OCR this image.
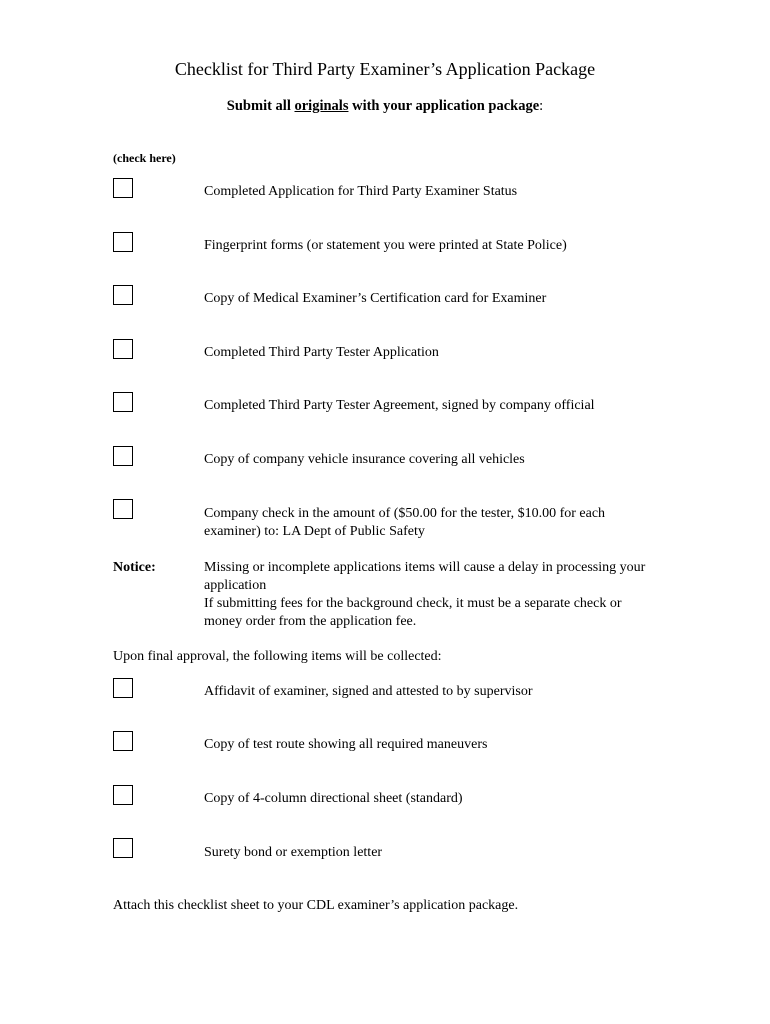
Checklist for Third Party Examiner’s Application Package
Submit all originals with your application package:
(check here)
Completed Application for Third Party Examiner Status
Fingerprint forms (or statement you were printed at State Police)
Copy of Medical Examiner’s Certification card for Examiner
Completed Third Party Tester Application
Completed Third Party Tester Agreement, signed by company official
Copy of company vehicle insurance covering all vehicles
Company check in the amount of ($50.00 for the tester, $10.00 for each examiner) to: LA Dept of Public Safety
Notice:	Missing or incomplete applications items will cause a delay in processing your application
If submitting fees for the background check, it must be a separate check or money order from the application fee.
Upon final approval, the following items will be collected:
Affidavit of examiner, signed and attested to by supervisor
Copy of test route showing all required maneuvers
Copy of 4-column directional sheet (standard)
Surety bond or exemption letter
Attach this checklist sheet to your CDL examiner’s application package.
